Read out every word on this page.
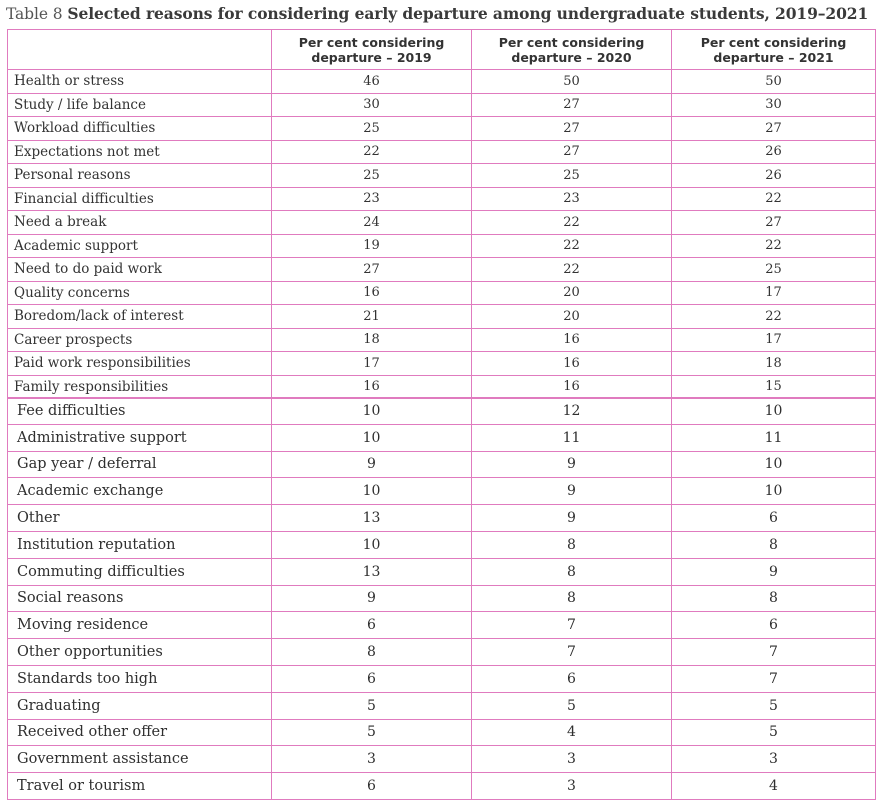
Table 8 Selected reasons for considering early departure among undergraduate students, 2019–2021
	Per cent considering departure – 2019	Per cent considering departure – 2020	Per cent considering departure – 2021
Health or stress	46	50	50
Study / life balance	30	27	30
Workload difficulties	25	27	27
Expectations not met	22	27	26
Personal reasons	25	25	26
Financial difficulties	23	23	22
Need a break	24	22	27
Academic support	19	22	22
Need to do paid work	27	22	25
Quality concerns	16	20	17
Boredom/lack of interest	21	20	22
Career prospects	18	16	17
Paid work responsibilities	17	16	18
Family responsibilities	16	16	15
Fee difficulties	10	12	10
Administrative support	10	11	11
Gap year / deferral	9	9	10
Academic exchange	10	9	10
Other	13	9	6
Institution reputation	10	8	8
Commuting difficulties	13	8	9
Social reasons	9	8	8
Moving residence	6	7	6
Other opportunities	8	7	7
Standards too high	6	6	7
Graduating	5	5	5
Received other offer	5	4	5
Government assistance	3	3	3
Travel or tourism	6	3	4
